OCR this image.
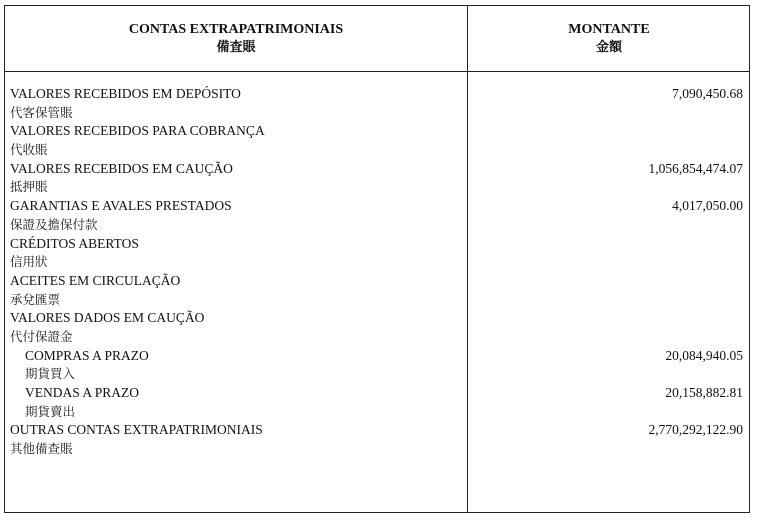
CONTAS EXTRAPATRIMONIAIS
備査賬
MONTANTE
金額
VALORES RECEBIDOS EM DEPÓSITO	7,090,450.68
代客保管賬
VALORES RECEBIDOS PARA COBRANÇA
代收賬
VALORES RECEBIDOS EM CAUÇÃO	1,056,854,474.07
抵押賬
GARANTIAS E AVALES PRESTADOS	4,017,050.00
保證及擔保付款
CRÉDITOS ABERTOS
信用狀
ACEITES EM CIRCULAÇÃO
承兌匯票
VALORES DADOS EM CAUÇÃO
代付保證金
COMPRAS A PRAZO	20,084,940.05
期貨買入
VENDAS A PRAZO	20,158,882.81
期貨賣出
OUTRAS CONTAS EXTRAPATRIMONIAIS	2,770,292,122.90
其他備查賬
